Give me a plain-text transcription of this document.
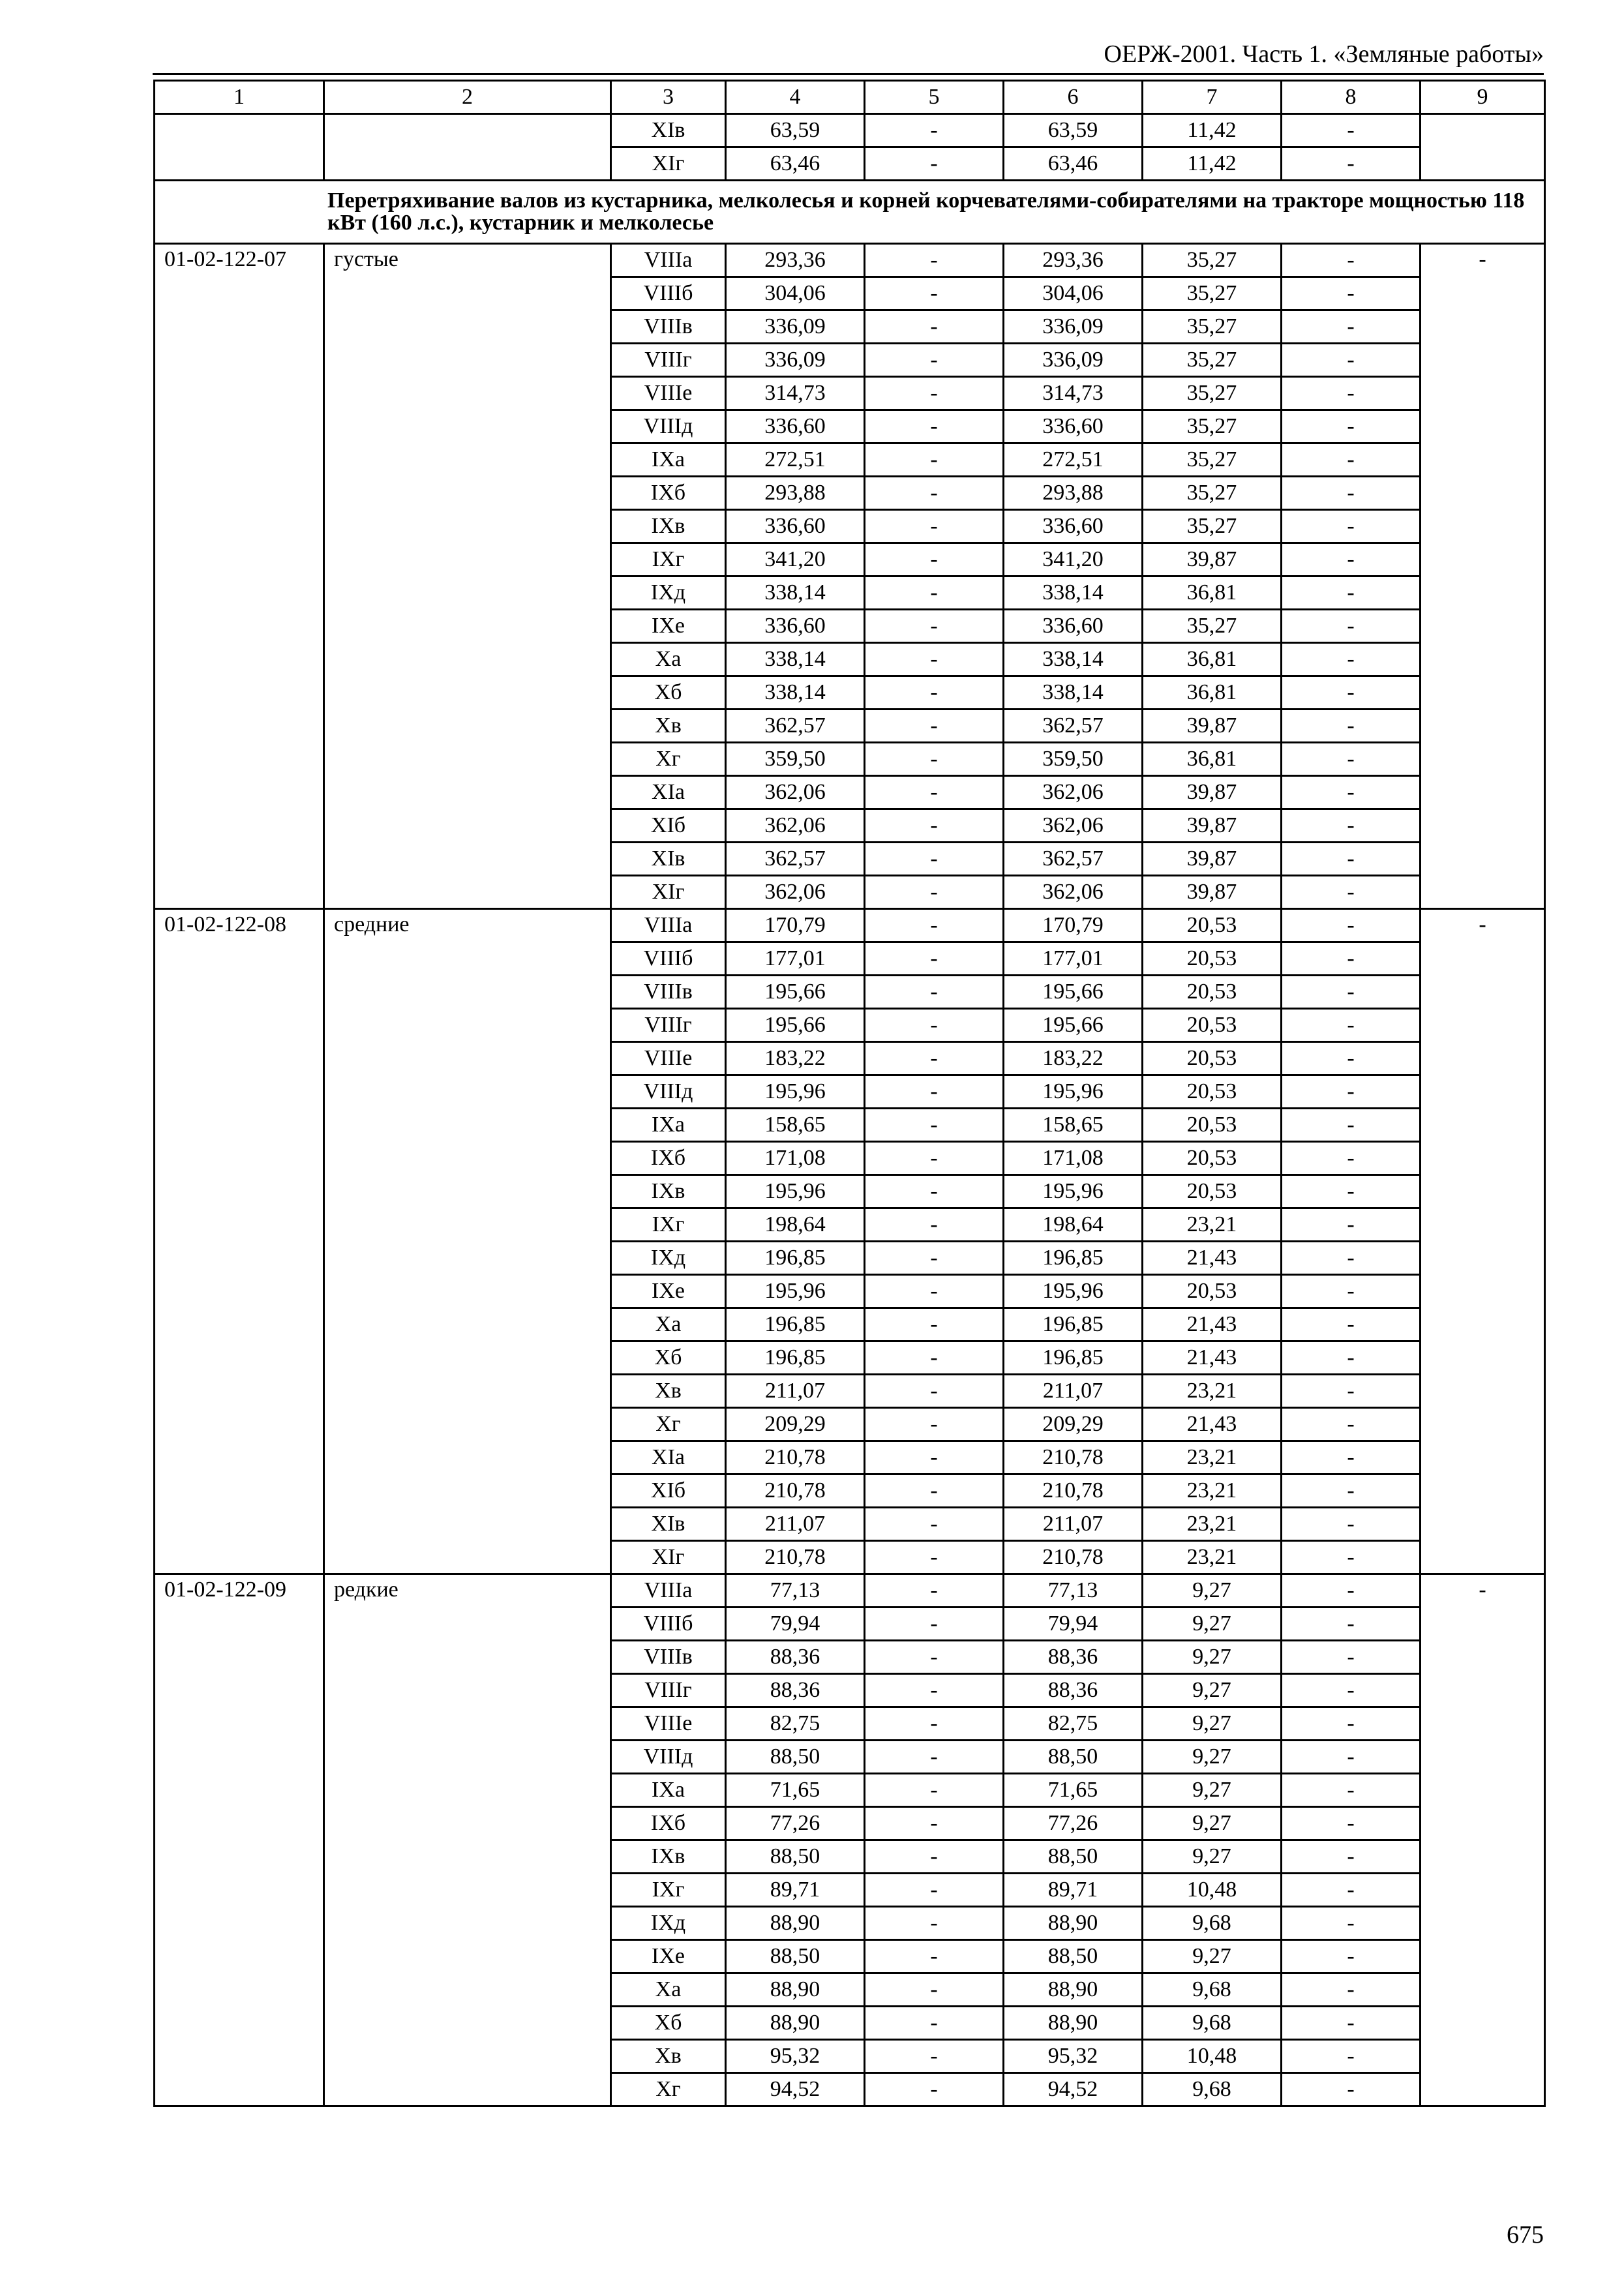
ОЕРЖ-2001. Часть 1. «Земляные работы»
1	2	3	4	5	6	7	8	9
		XIв	63,59	-	63,59	11,42	-	
		XIг	63,46	-	63,46	11,42	-	
Перетряхивание валов из кустарника, мелколесья и корней корчевателями-собирателями на тракторе мощностью 118 кВт (160 л.с.), кустарник и мелколесье								
01-02-122-07	густые	VIIIа	293,36	-	293,36	35,27	-	-
		VIIIб	304,06	-	304,06	35,27	-	
		VIIIв	336,09	-	336,09	35,27	-	
		VIIIг	336,09	-	336,09	35,27	-	
		VIIIе	314,73	-	314,73	35,27	-	
		VIIIд	336,60	-	336,60	35,27	-	
		IXа	272,51	-	272,51	35,27	-	
		IXб	293,88	-	293,88	35,27	-	
		IXв	336,60	-	336,60	35,27	-	
		IXг	341,20	-	341,20	39,87	-	
		IXд	338,14	-	338,14	36,81	-	
		IXе	336,60	-	336,60	35,27	-	
		Xа	338,14	-	338,14	36,81	-	
		Xб	338,14	-	338,14	36,81	-	
		Xв	362,57	-	362,57	39,87	-	
		Xг	359,50	-	359,50	36,81	-	
		XIа	362,06	-	362,06	39,87	-	
		XIб	362,06	-	362,06	39,87	-	
		XIв	362,57	-	362,57	39,87	-	
		XIг	362,06	-	362,06	39,87	-	
01-02-122-08	средние	VIIIа	170,79	-	170,79	20,53	-	-
		VIIIб	177,01	-	177,01	20,53	-	
		VIIIв	195,66	-	195,66	20,53	-	
		VIIIг	195,66	-	195,66	20,53	-	
		VIIIе	183,22	-	183,22	20,53	-	
		VIIIд	195,96	-	195,96	20,53	-	
		IXа	158,65	-	158,65	20,53	-	
		IXб	171,08	-	171,08	20,53	-	
		IXв	195,96	-	195,96	20,53	-	
		IXг	198,64	-	198,64	23,21	-	
		IXд	196,85	-	196,85	21,43	-	
		IXе	195,96	-	195,96	20,53	-	
		Xа	196,85	-	196,85	21,43	-	
		Xб	196,85	-	196,85	21,43	-	
		Xв	211,07	-	211,07	23,21	-	
		Xг	209,29	-	209,29	21,43	-	
		XIа	210,78	-	210,78	23,21	-	
		XIб	210,78	-	210,78	23,21	-	
		XIв	211,07	-	211,07	23,21	-	
		XIг	210,78	-	210,78	23,21	-	
01-02-122-09	редкие	VIIIа	77,13	-	77,13	9,27	-	-
		VIIIб	79,94	-	79,94	9,27	-	
		VIIIв	88,36	-	88,36	9,27	-	
		VIIIг	88,36	-	88,36	9,27	-	
		VIIIе	82,75	-	82,75	9,27	-	
		VIIIд	88,50	-	88,50	9,27	-	
		IXа	71,65	-	71,65	9,27	-	
		IXб	77,26	-	77,26	9,27	-	
		IXв	88,50	-	88,50	9,27	-	
		IXг	89,71	-	89,71	10,48	-	
		IXд	88,90	-	88,90	9,68	-	
		IXе	88,50	-	88,50	9,27	-	
		Xа	88,90	-	88,90	9,68	-	
		Xб	88,90	-	88,90	9,68	-	
		Xв	95,32	-	95,32	10,48	-	
		Xг	94,52	-	94,52	9,68	-	
675
